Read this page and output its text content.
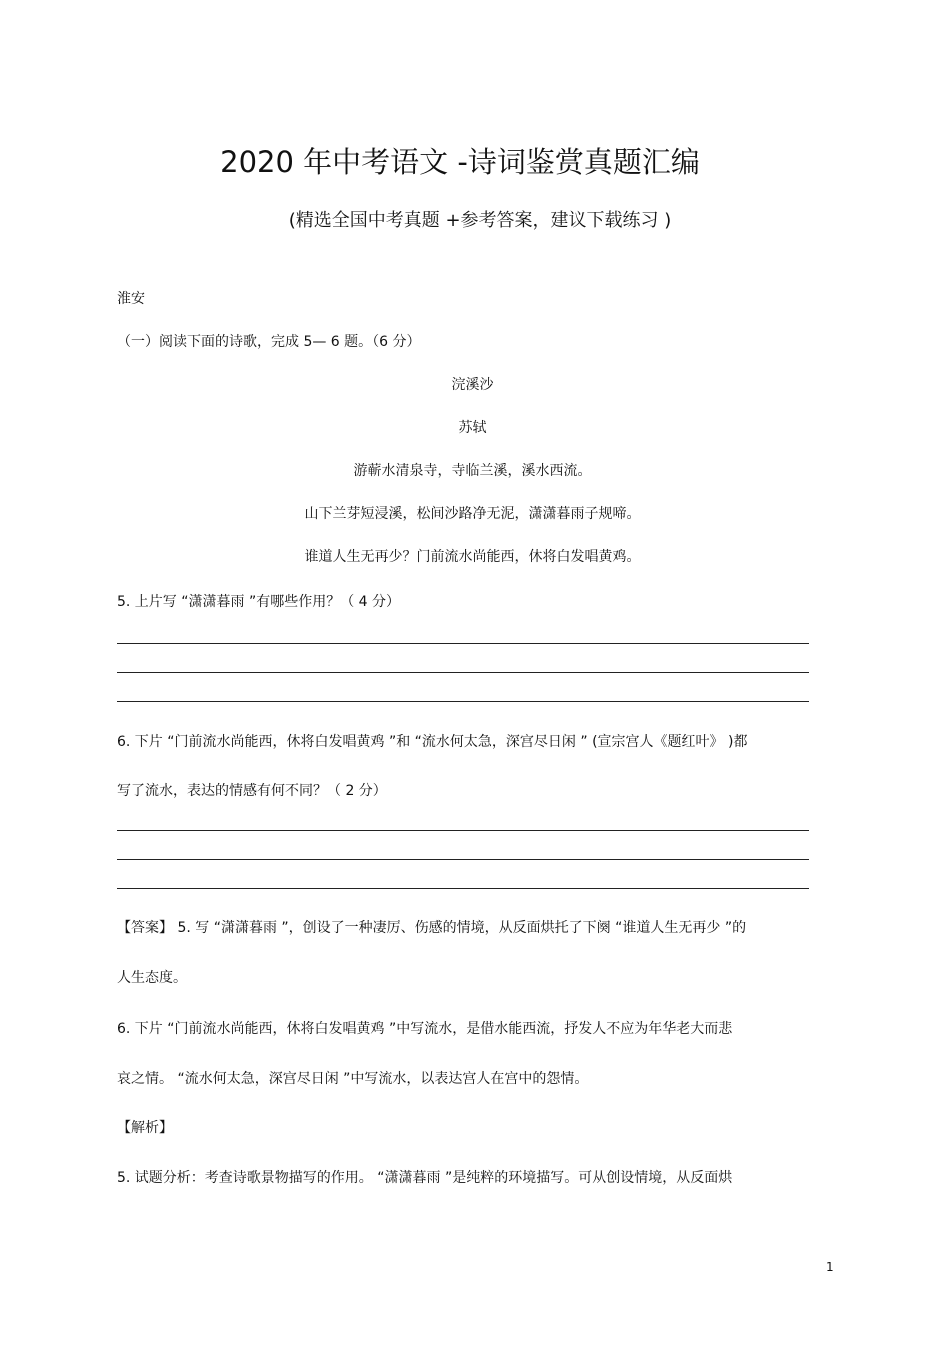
2020 年中考语文 -诗词鉴赏真题汇编
(精选全国中考真题 +参考答案，建议下载练习 )
淮安
（一）阅读下面的诗歌，完成 5— 6 题。（6 分）
浣溪沙
苏轼
游蕲水清泉寺，寺临兰溪，溪水西流。
山下兰芽短浸溪，松间沙路净无泥，潇潇暮雨子规啼。
谁道人生无再少？门前流水尚能西，休将白发唱黄鸡。
5. 上片写 “潇潇暮雨 ”有哪些作用？（ 4 分）
6. 下片 “门前流水尚能西，休将白发唱黄鸡 ”和 “流水何太急，深宫尽日闲 ” (宣宗宫人《题红叶》 )都
写了流水，表达的情感有何不同？（ 2 分）
【答案】 5. 写 “潇潇暮雨 ”，创设了一种凄厉、伤感的情境，从反面烘托了下阕 “谁道人生无再少 ”的
人生态度。
6. 下片 “门前流水尚能西，休将白发唱黄鸡 ”中写流水，是借水能西流，抒发人不应为年华老大而悲
哀之情。 “流水何太急，深宫尽日闲 ”中写流水，以表达宫人在宫中的怨情。
【解析】
5. 试题分析：考查诗歌景物描写的作用。 “潇潇暮雨 ”是纯粹的环境描写。可从创设情境，从反面烘
1
